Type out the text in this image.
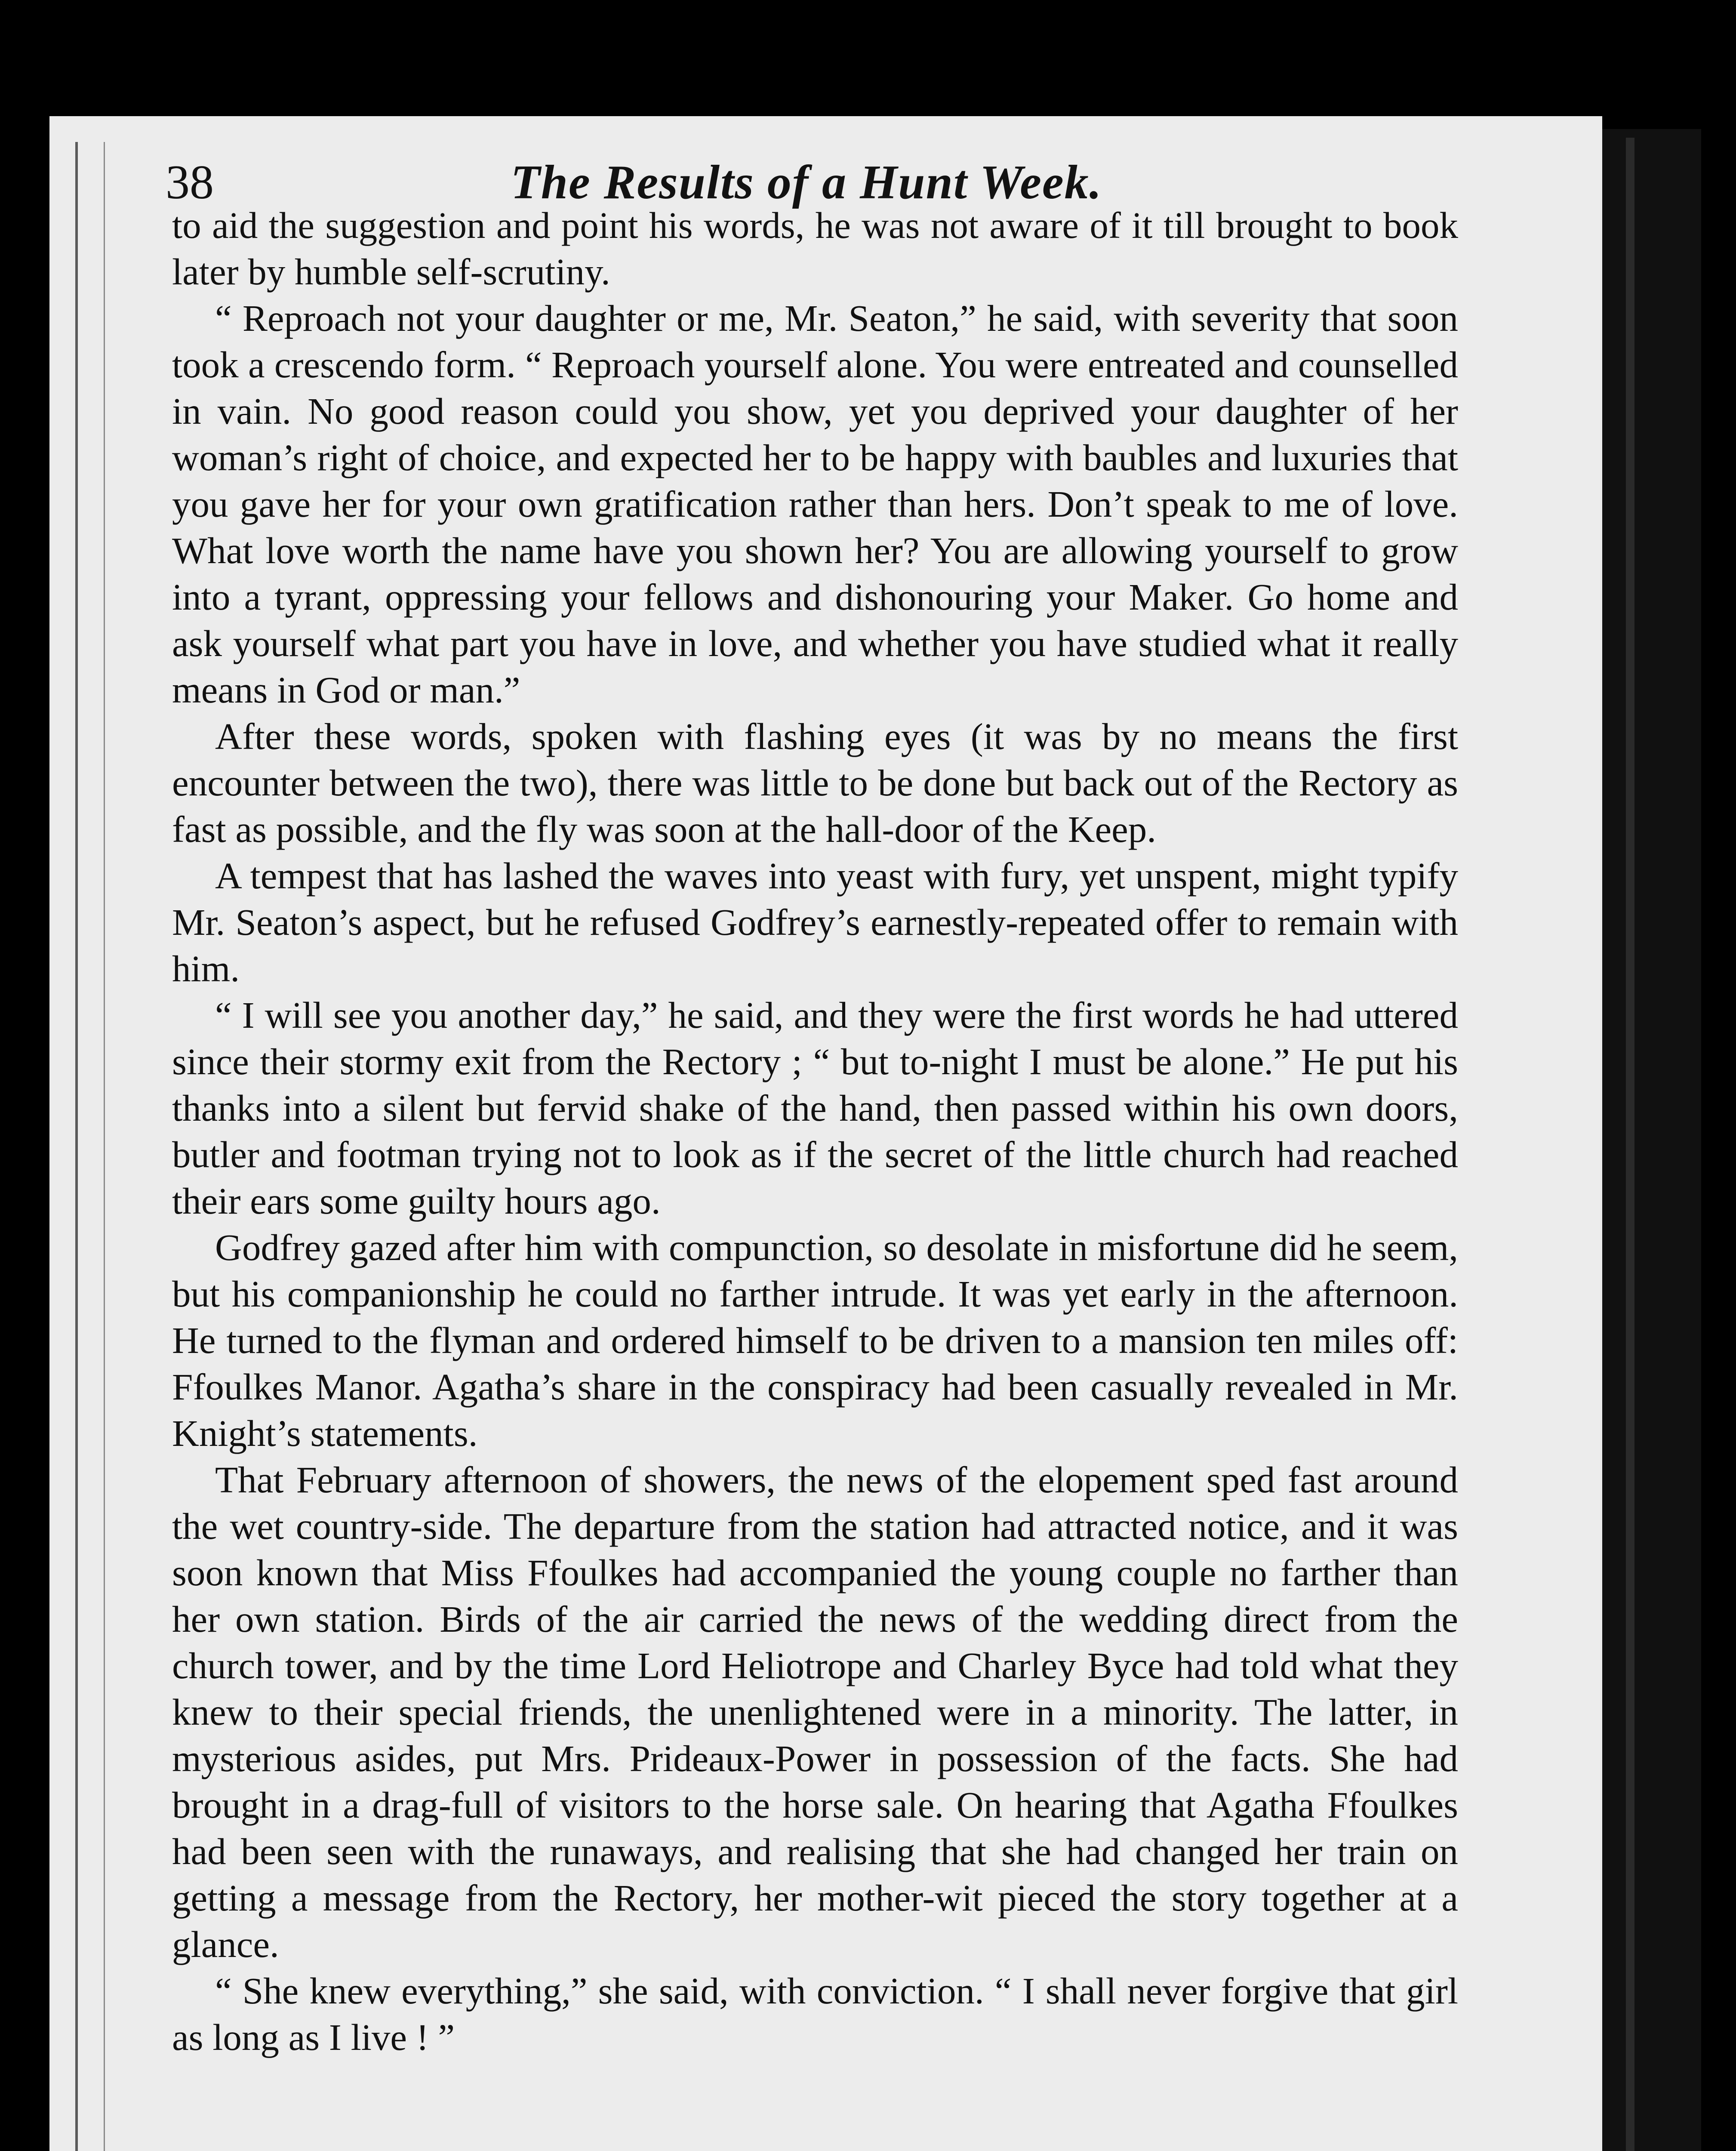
38	The Results of a Hunt Week.

to aid the suggestion and point his words, he was not aware of it till brought to book later by humble self-scrutiny.

“ Reproach not your daughter or me, Mr. Seaton,” he said, with severity that soon took a crescendo form. “ Reproach yourself alone. You were entreated and counselled in vain. No good reason could you show, yet you deprived your daughter of her woman’s right of choice, and expected her to be happy with baubles and luxuries that you gave her for your own gratification rather than hers. Don’t speak to me of love. What love worth the name have you shown her? You are allowing yourself to grow into a tyrant, oppressing your fellows and dishonouring your Maker. Go home and ask yourself what part you have in love, and whether you have studied what it really means in God or man.”

After these words, spoken with flashing eyes (it was by no means the first encounter between the two), there was little to be done but back out of the Rectory as fast as possible, and the fly was soon at the hall-door of the Keep.

A tempest that has lashed the waves into yeast with fury, yet unspent, might typify Mr. Seaton’s aspect, but he refused Godfrey’s earnestly-repeated offer to remain with him.

“ I will see you another day,” he said, and they were the first words he had uttered since their stormy exit from the Rectory ; “ but to-night I must be alone.” He put his thanks into a silent but fervid shake of the hand, then passed within his own doors, butler and footman trying not to look as if the secret of the little church had reached their ears some guilty hours ago.

Godfrey gazed after him with compunction, so desolate in misfortune did he seem, but his companionship he could no farther intrude. It was yet early in the afternoon. He turned to the flyman and ordered himself to be driven to a mansion ten miles off: Ffoulkes Manor. Agatha’s share in the conspiracy had been casually revealed in Mr. Knight’s statements.

That February afternoon of showers, the news of the elopement sped fast around the wet country-side. The departure from the station had attracted notice, and it was soon known that Miss Ffoulkes had accompanied the young couple no farther than her own station. Birds of the air carried the news of the wedding direct from the church tower, and by the time Lord Heliotrope and Charley Byce had told what they knew to their special friends, the unenlightened were in a minority. The latter, in mysterious asides, put Mrs. Prideaux-Power in possession of the facts. She had brought in a drag-full of visitors to the horse sale. On hearing that Agatha Ffoulkes had been seen with the runaways, and realising that she had changed her train on getting a message from the Rectory, her mother-wit pieced the story together at a glance.

“ She knew everything,” she said, with conviction. “ I shall never forgive that girl as long as I live ! ”
